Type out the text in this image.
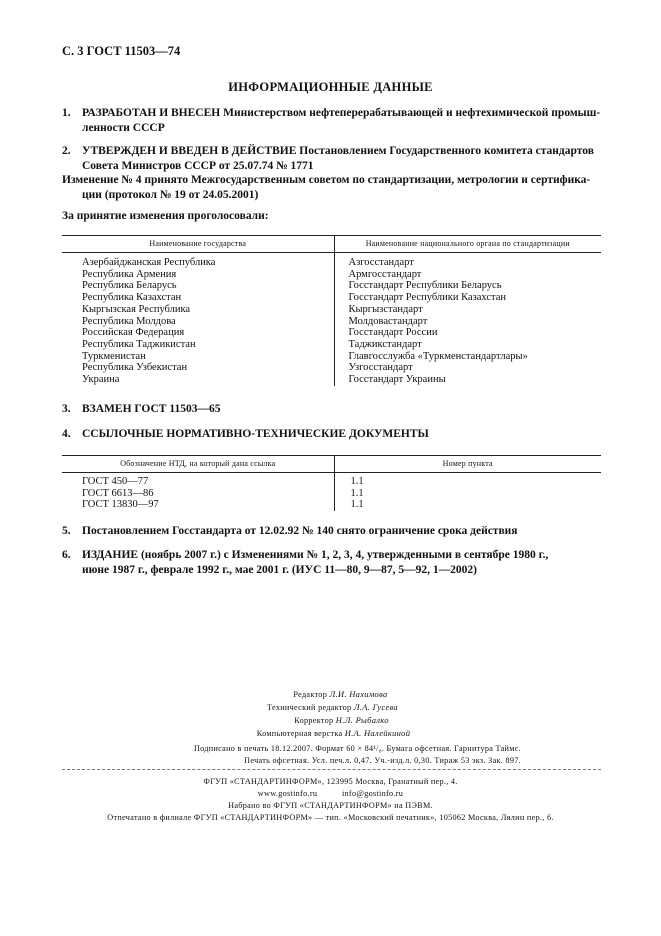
С. 3 ГОСТ 11503—74
ИНФОРМАЦИОННЫЕ ДАННЫЕ
1. РАЗРАБОТАН И ВНЕСЕН Министерством нефтеперерабатывающей и нефтехимической промыш-
ленности СССР
2. УТВЕРЖДЕН И ВВЕДЕН В ДЕЙСТВИЕ Постановлением Государственного комитета стандартов
Совета Министров СССР от 25.07.74 № 1771
Изменение № 4 принято Межгосударственным советом по стандартизации, метрологии и сертифика-
ции (протокол № 19 от 24.05.2001)
За принятие изменения проголосовали:
Наименование государства	Наименование национального органа по стандартизации

Азербайджанская Республика	Азгосстандарт
Республика Армения	Армгосстандарт
Республика Беларусь	Госстандарт Республики Беларусь
Республика Казахстан	Госстандарт Республики Казахстан
Кыргызская Республика	Кыргызстандарт
Республика Молдова	Молдовастандарт
Российская Федерация	Госстандарт России
Республика Таджикистан	Таджикстандарт
Туркменистан	Главгосслужба «Туркменстандартлары»
Республика Узбекистан	Узгосстандарт
Украина	Госстандарт Украины
3. ВЗАМЕН ГОСТ 11503—65
4. ССЫЛОЧНЫЕ НОРМАТИВНО-ТЕХНИЧЕСКИЕ ДОКУМЕНТЫ
Обозначение НТД, на который дана ссылка	Номер пункта

ГОСТ 450—77	1.1
ГОСТ 6613—86	1.1
ГОСТ 13830—97	1.1
5. Постановлением Госстандарта от 12.02.92 № 140 снято ограничение срока действия
6. ИЗДАНИЕ (ноябрь 2007 г.) с Изменениями № 1, 2, 3, 4, утвержденными в сентябре 1980 г.,
июне 1987 г., феврале 1992 г., мае 2001 г. (ИУС 11—80, 9—87, 5—92, 1—2002)
Редактор Л.И. Нахимова
Технический редактор Л.А. Гусева
Корректор Н.Л. Рыбалко
Компьютерная верстка И.А. Налейкиной
Подписано в печать 18.12.2007. Формат 60 × 84¹/₈. Бумага офсетная. Гарнитура Таймс.
Печать офсетная. Усл. печ.л. 0,47. Уч.-изд.л. 0,30. Тираж 53 экз. Зак. 897.
ФГУП «СТАНДАРТИНФОРМ», 123995 Москва, Гранатный пер., 4.
www.gostinfo.ru	info@gostinfo.ru
Набрано во ФГУП «СТАНДАРТИНФОРМ» на ПЭВМ.
Отпечатано в филиале ФГУП «СТАНДАРТИНФОРМ» — тип. «Московский печатник», 105062 Москва, Лялин пер., 6.
